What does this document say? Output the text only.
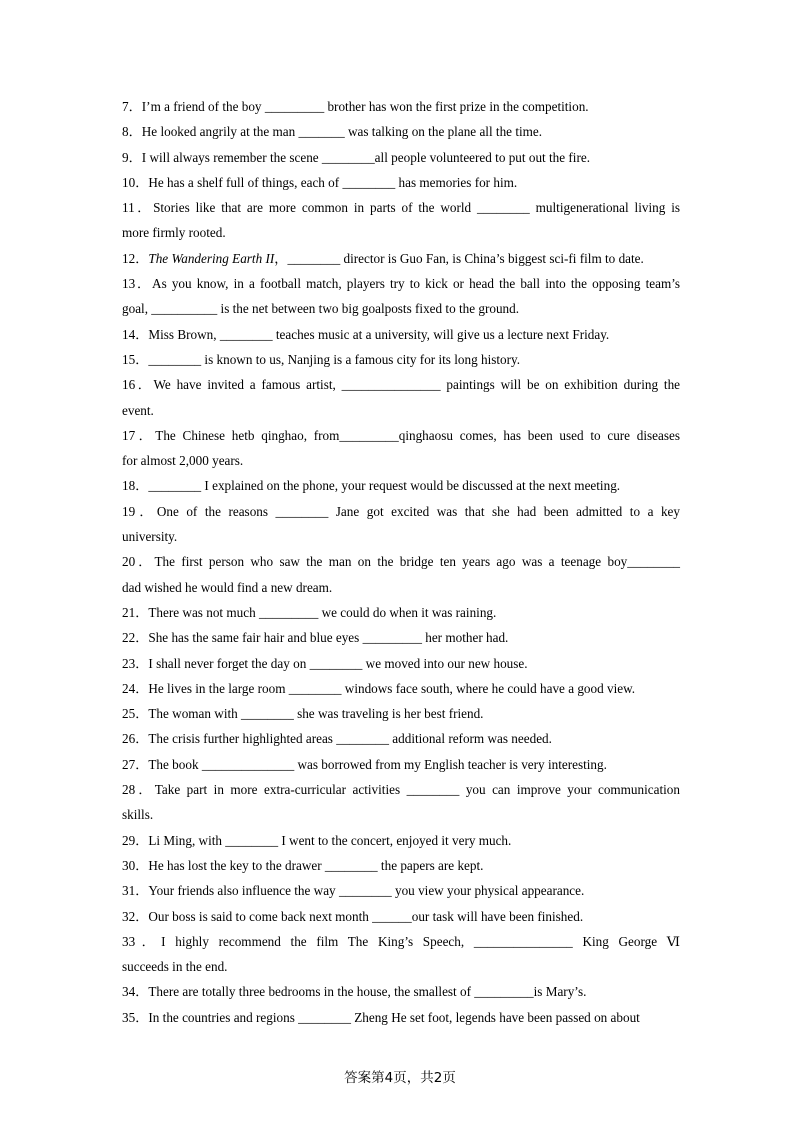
7．I’m a friend of the boy _________ brother has won the first prize in the competition.
8．He looked angrily at the man _______ was talking on the plane all the time.
9．I will always remember the scene ________all people volunteered to put out the fire.
10．He has a shelf full of things, each of ________ has memories for him.
11．Stories like that are more common in parts of the world ________ multigenerational living is
more firmly rooted.
12．The Wandering Earth II，________ director is Guo Fan, is China’s biggest sci-fi film to date.
13．As you know, in a football match, players try to kick or head the ball into the opposing team’s
goal, __________ is the net between two big goalposts fixed to the ground.
14．Miss Brown, ________ teaches music at a university, will give us a lecture next Friday.
15．________ is known to us, Nanjing is a famous city for its long history.
16．We have invited a famous artist, _______________ paintings will be on exhibition during the
event.
17．The Chinese hetb qinghao, from_________qinghaosu comes, has been used to cure diseases
for almost 2,000 years.
18．________ I explained on the phone, your request would be discussed at the next meeting.
19．One of the reasons ________ Jane got excited was that she had been admitted to a key
university.
20．The first person who saw the man on the bridge ten years ago was a teenage boy________
dad wished he would find a new dream.
21．There was not much _________ we could do when it was raining.
22．She has the same fair hair and blue eyes _________ her mother had.
23．I shall never forget the day on ________ we moved into our new house.
24．He lives in the large room ________ windows face south, where he could have a good view.
25．The woman with ________ she was traveling is her best friend.
26．The crisis further highlighted areas ________ additional reform was needed.
27．The book ______________ was borrowed from my English teacher is very interesting.
28．Take part in more extra-curricular activities ________ you can improve your communication
skills.
29．Li Ming, with ________ I went to the concert, enjoyed it very much.
30．He has lost the key to the drawer ________ the papers are kept.
31．Your friends also influence the way ________ you view your physical appearance.
32．Our boss is said to come back next month ______our task will have been finished.
33．I highly recommend the film The King’s Speech, _______________ King George Ⅵ
succeeds in the end.
34．There are totally three bedrooms in the house, the smallest of _________is Mary’s.
35．In the countries and regions ________ Zheng He set foot, legends have been passed on about
答案第4页，共2页
